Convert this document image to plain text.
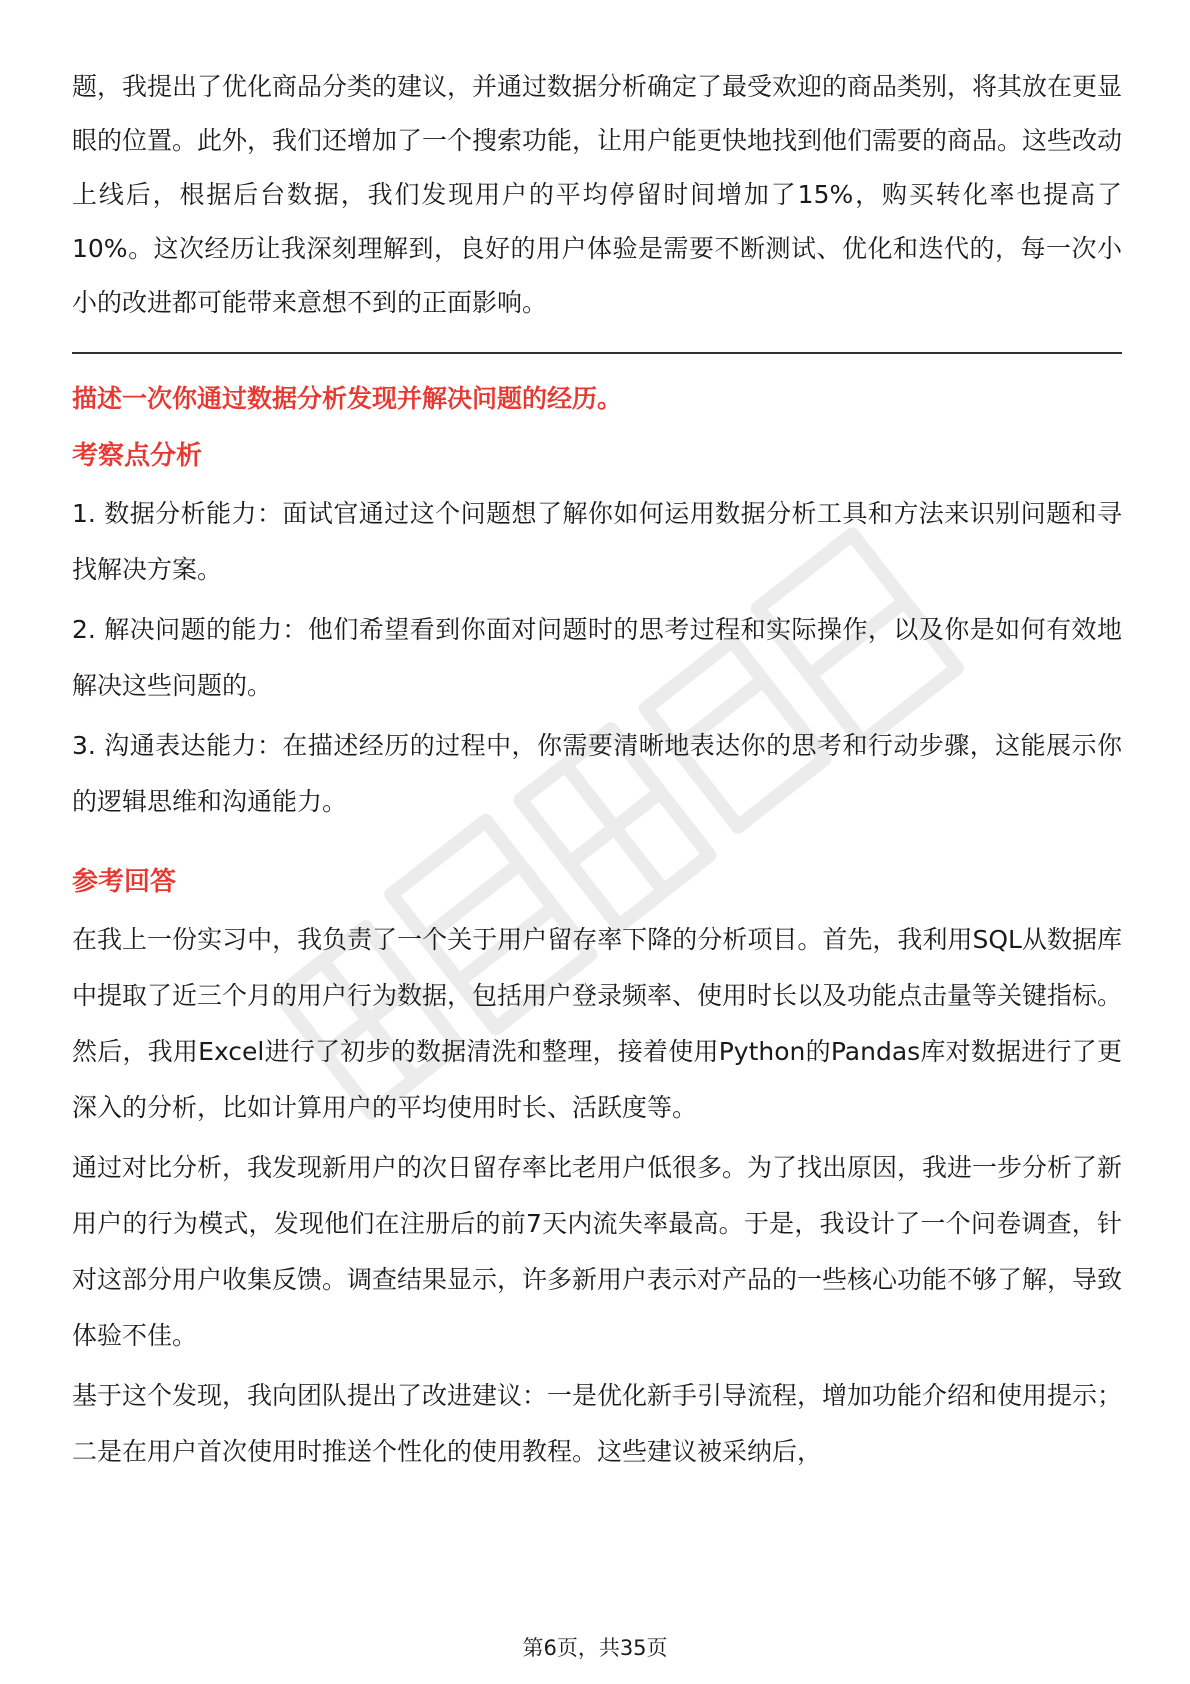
题，我提出了优化商品分类的建议，并通过数据分析确定了最受欢迎的商品类别，将其放在更显眼的位置。此外，我们还增加了一个搜索功能，让用户能更快地找到他们需要的商品。这些改动上线后，根据后台数据，我们发现用户的平均停留时间增加了15%，购买转化率也提高了10%。这次经历让我深刻理解到，良好的用户体验是需要不断测试、优化和迭代的，每一次小小的改进都可能带来意想不到的正面影响。

描述一次你通过数据分析发现并解决问题的经历。

考察点分析

1. 数据分析能力：面试官通过这个问题想了解你如何运用数据分析工具和方法来识别问题和寻找解决方案。

2. 解决问题的能力：他们希望看到你面对问题时的思考过程和实际操作，以及你是如何有效地解决这些问题的。

3. 沟通表达能力：在描述经历的过程中，你需要清晰地表达你的思考和行动步骤，这能展示你的逻辑思维和沟通能力。

参考回答

在我上一份实习中，我负责了一个关于用户留存率下降的分析项目。首先，我利用SQL从数据库中提取了近三个月的用户行为数据，包括用户登录频率、使用时长以及功能点击量等关键指标。然后，我用Excel进行了初步的数据清洗和整理，接着使用Python的Pandas库对数据进行了更深入的分析，比如计算用户的平均使用时长、活跃度等。

通过对比分析，我发现新用户的次日留存率比老用户低很多。为了找出原因，我进一步分析了新用户的行为模式，发现他们在注册后的前7天内流失率最高。于是，我设计了一个问卷调查，针对这部分用户收集反馈。调查结果显示，许多新用户表示对产品的一些核心功能不够了解，导致体验不佳。

基于这个发现，我向团队提出了改进建议：一是优化新手引导流程，增加功能介绍和使用提示；二是在用户首次使用时推送个性化的使用教程。这些建议被采纳后，

第6页，共35页
